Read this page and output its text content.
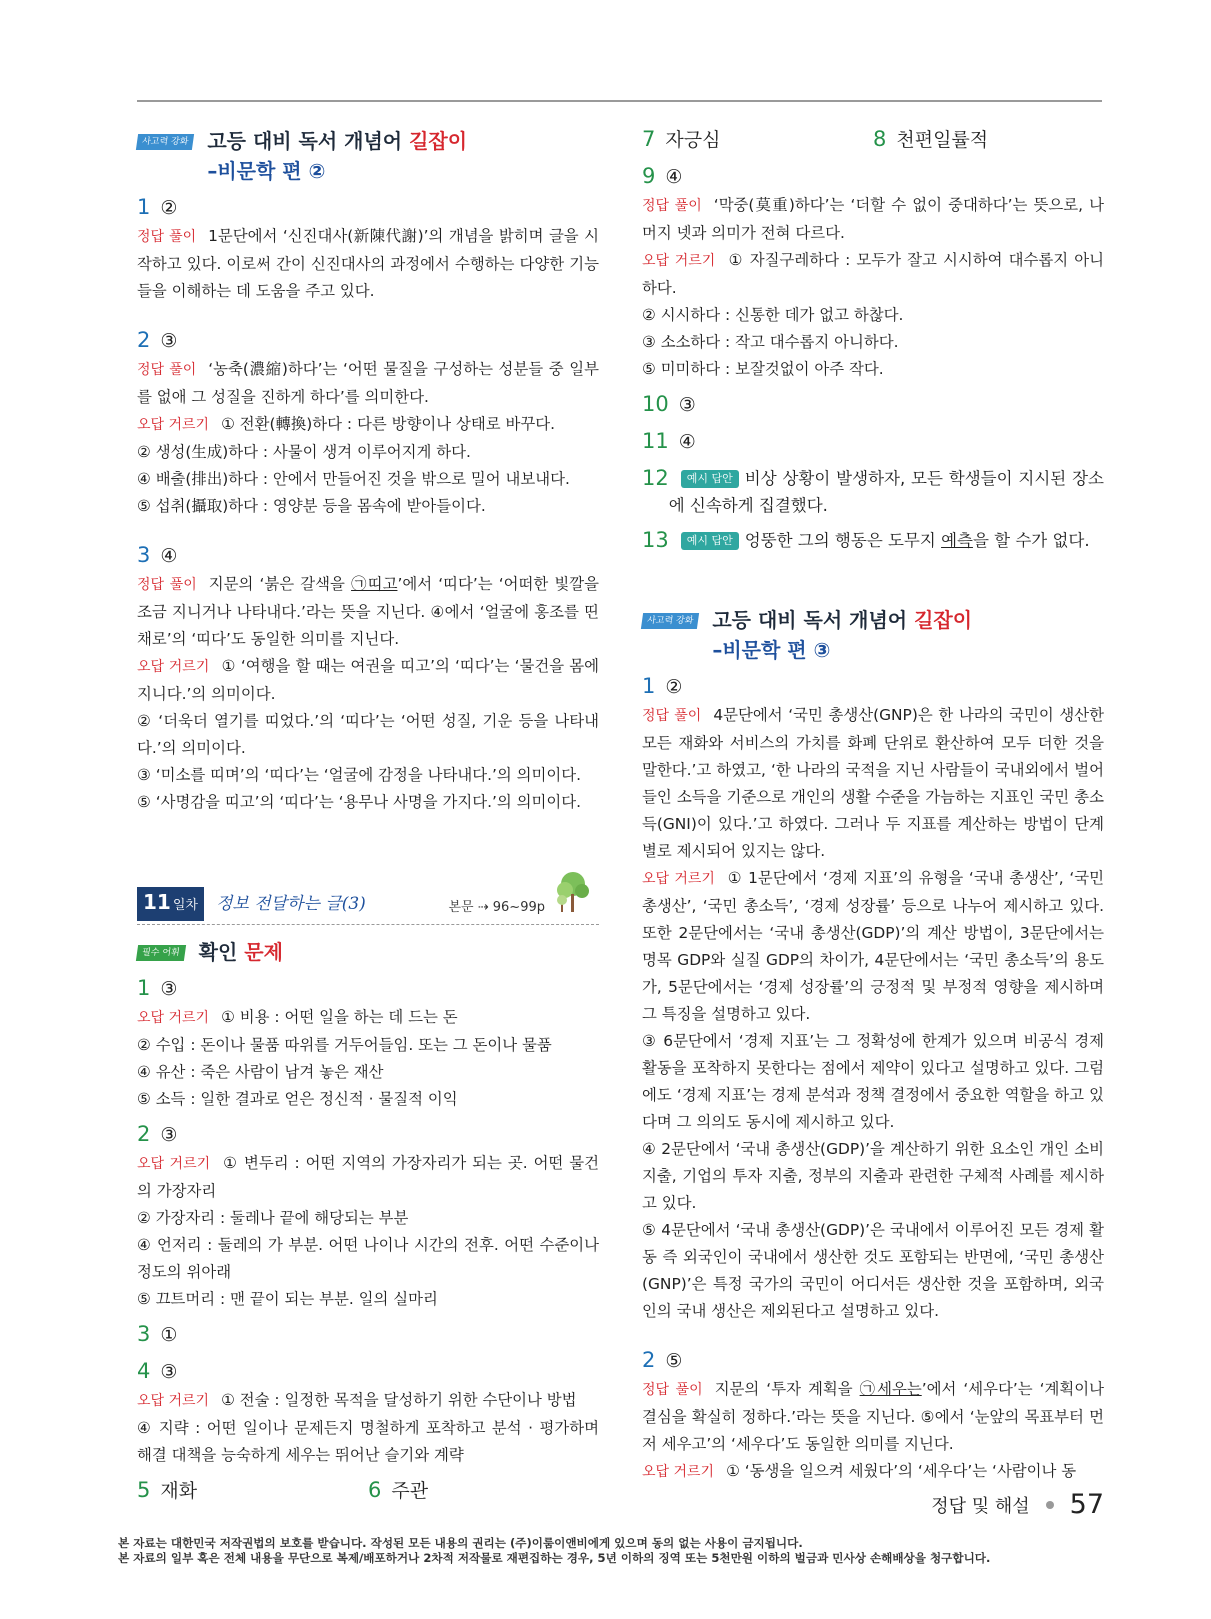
사고력 강화 고등 대비 독서 개념어 길잡이
–비문학 편 ②
1 ②

정답 풀이 1문단에서 ‘신진대사(新陳代謝)’의 개념을 밝히며 글을 시작하고 있다. 이로써 간이 신진대사의 과정에서 수행하는 다양한 기능들을 이해하는 데 도움을 주고 있다.

2 ③

정답 풀이 ‘농축(濃縮)하다’는 ‘어떤 물질을 구성하는 성분들 중 일부를 없애 그 성질을 진하게 하다’를 의미한다.

오답 거르기 ① 전환(轉換)하다 : 다른 방향이나 상태로 바꾸다.

② 생성(生成)하다 : 사물이 생겨 이루어지게 하다.

④ 배출(排出)하다 : 안에서 만들어진 것을 밖으로 밀어 내보내다.

⑤ 섭취(攝取)하다 : 영양분 등을 몸속에 받아들이다.

3 ④

정답 풀이 지문의 ‘붉은 갈색을 ㉠띠고’에서 ‘띠다’는 ‘어떠한 빛깔을 조금 지니거나 나타내다.’라는 뜻을 지닌다. ④에서 ‘얼굴에 홍조를 띤 채로’의 ‘띠다’도 동일한 의미를 지닌다.

오답 거르기 ① ‘여행을 할 때는 여권을 띠고’의 ‘띠다’는 ‘물건을 몸에 지니다.’의 의미이다.

② ‘더욱더 열기를 띠었다.’의 ‘띠다’는 ‘어떤 성질, 기운 등을 나타내다.’의 의미이다.

③ ‘미소를 띠며’의 ‘띠다’는 ‘얼굴에 감정을 나타내다.’의 의미이다.

⑤ ‘사명감을 띠고’의 ‘띠다’는 ‘용무나 사명을 가지다.’의 의미이다.

11 일차	정보 전달하는 글(3)	본문 ⇢ 96~99p
필수 어휘 확인 문제
1 ③

오답 거르기 ① 비용 : 어떤 일을 하는 데 드는 돈

② 수입 : 돈이나 물품 따위를 거두어들임. 또는 그 돈이나 물품

④ 유산 : 죽은 사람이 남겨 놓은 재산

⑤ 소득 : 일한 결과로 얻은 정신적 · 물질적 이익

2 ③

오답 거르기 ① 변두리 : 어떤 지역의 가장자리가 되는 곳. 어떤 물건의 가장자리

② 가장자리 : 둘레나 끝에 해당되는 부분

④ 언저리 : 둘레의 가 부분. 어떤 나이나 시간의 전후. 어떤 수준이나 정도의 위아래

⑤ 끄트머리 : 맨 끝이 되는 부분. 일의 실마리

3 ①
4 ③

오답 거르기 ① 전술 : 일정한 목적을 달성하기 위한 수단이나 방법

④ 지략 : 어떤 일이나 문제든지 명철하게 포착하고 분석 · 평가하며 해결 대책을 능숙하게 세우는 뛰어난 슬기와 계략

5 재화	6 주관
7 자긍심	8 천편일률적
9 ④

정답 풀이 ‘막중(莫重)하다’는 ‘더할 수 없이 중대하다’는 뜻으로, 나머지 넷과 의미가 전혀 다르다.

오답 거르기 ① 자질구레하다 : 모두가 잘고 시시하여 대수롭지 아니하다.

② 시시하다 : 신통한 데가 없고 하찮다.

③ 소소하다 : 작고 대수롭지 아니하다.

⑤ 미미하다 : 보잘것없이 아주 작다.

10 ③
11 ④
12	예시 답안 비상 상황이 발생하자, 모든 학생들이 지시된 장소에 신속하게 집결했다.

13	예시 답안 엉뚱한 그의 행동은 도무지 예측을 할 수가 없다.

사고력 강화 고등 대비 독서 개념어 길잡이
–비문학 편 ③
1 ②

정답 풀이 4문단에서 ‘국민 총생산(GNP)은 한 나라의 국민이 생산한 모든 재화와 서비스의 가치를 화폐 단위로 환산하여 모두 더한 것을 말한다.’고 하였고, ‘한 나라의 국적을 지닌 사람들이 국내외에서 벌어들인 소득을 기준으로 개인의 생활 수준을 가늠하는 지표인 국민 총소득(GNI)이 있다.’고 하였다. 그러나 두 지표를 계산하는 방법이 단계별로 제시되어 있지는 않다.

오답 거르기 ① 1문단에서 ‘경제 지표’의 유형을 ‘국내 총생산’, ‘국민 총생산’, ‘국민 총소득’, ‘경제 성장률’ 등으로 나누어 제시하고 있다. 또한 2문단에서는 ‘국내 총생산(GDP)’의 계산 방법이, 3문단에서는 명목 GDP와 실질 GDP의 차이가, 4문단에서는 ‘국민 총소득’의 용도가, 5문단에서는 ‘경제 성장률’의 긍정적 및 부정적 영향을 제시하며 그 특징을 설명하고 있다.

③ 6문단에서 ‘경제 지표’는 그 정확성에 한계가 있으며 비공식 경제 활동을 포착하지 못한다는 점에서 제약이 있다고 설명하고 있다. 그럼에도 ‘경제 지표’는 경제 분석과 정책 결정에서 중요한 역할을 하고 있다며 그 의의도 동시에 제시하고 있다.

④ 2문단에서 ‘국내 총생산(GDP)’을 계산하기 위한 요소인 개인 소비 지출, 기업의 투자 지출, 정부의 지출과 관련한 구체적 사례를 제시하고 있다.

⑤ 4문단에서 ‘국내 총생산(GDP)’은 국내에서 이루어진 모든 경제 활동 즉 외국인이 국내에서 생산한 것도 포함되는 반면에, ‘국민 총생산(GNP)’은 특정 국가의 국민이 어디서든 생산한 것을 포함하며, 외국인의 국내 생산은 제외된다고 설명하고 있다.

2 ⑤

정답 풀이 지문의 ‘투자 계획을 ㉠세우는’에서 ‘세우다’는 ‘계획이나 결심을 확실히 정하다.’라는 뜻을 지닌다. ⑤에서 ‘눈앞의 목표부터 먼저 세우고’의 ‘세우다’도 동일한 의미를 지닌다.

오답 거르기 ① ‘동생을 일으켜 세웠다’의 ‘세우다’는 ‘사람이나 동

정답 및 해설 57
본 자료는 대한민국 저작권법의 보호를 받습니다. 작성된 모든 내용의 권리는 (주)이룸이앤비에게 있으며 동의 없는 사용이 금지됩니다.
본 자료의 일부 혹은 전체 내용을 무단으로 복제/배포하거나 2차적 저작물로 재편집하는 경우, 5년 이하의 징역 또는 5천만원 이하의 벌금과 민사상 손해배상을 청구합니다.
